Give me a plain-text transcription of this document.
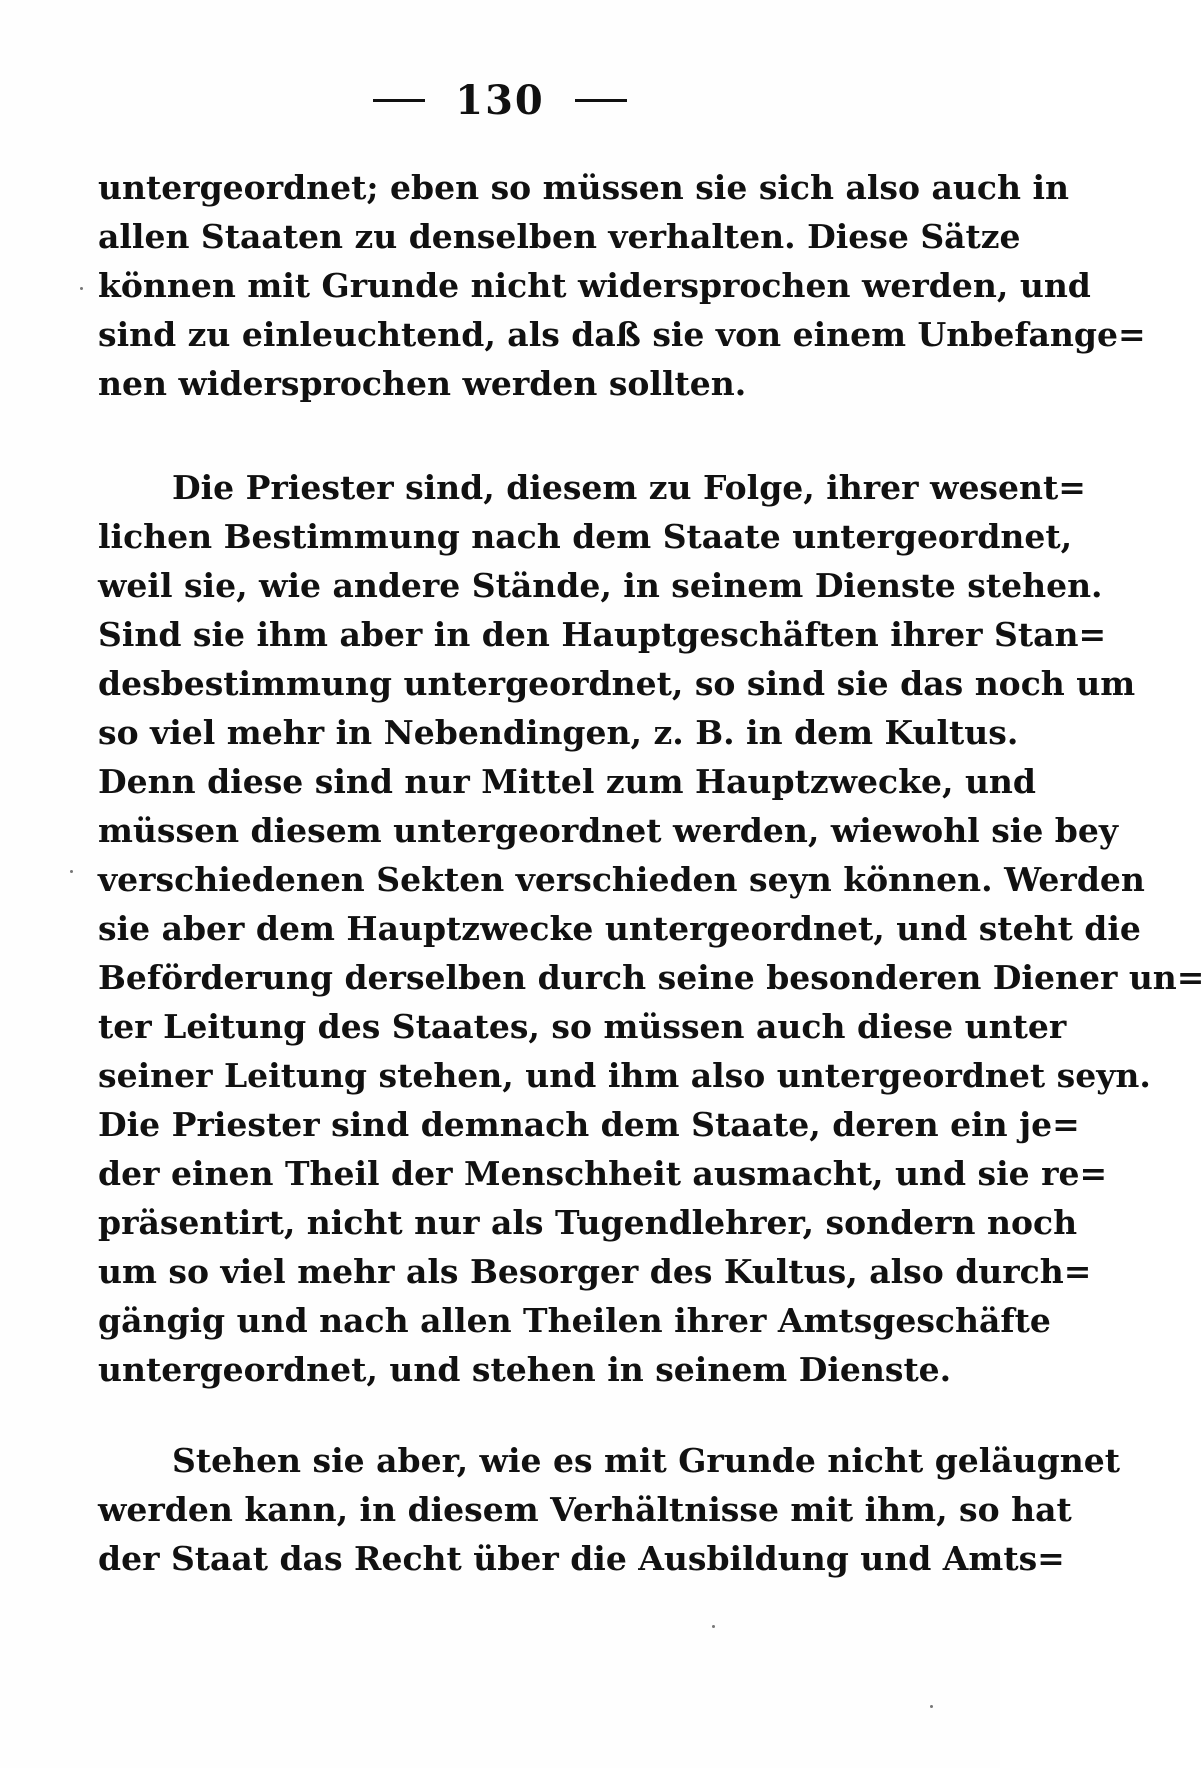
130
untergeordnet; eben so müssen sie sich also auch in
allen Staaten zu denselben verhalten. Diese Sätze
können mit Grunde nicht widersprochen werden, und
sind zu einleuchtend, als daß sie von einem Unbefange=
nen widersprochen werden sollten.
Die Priester sind, diesem zu Folge, ihrer wesent=
lichen Bestimmung nach dem Staate untergeordnet,
weil sie, wie andere Stände, in seinem Dienste stehen.
Sind sie ihm aber in den Hauptgeschäften ihrer Stan=
desbestimmung untergeordnet, so sind sie das noch um
so viel mehr in Nebendingen, z. B. in dem Kultus.
Denn diese sind nur Mittel zum Hauptzwecke, und
müssen diesem untergeordnet werden, wiewohl sie bey
verschiedenen Sekten verschieden seyn können. Werden
sie aber dem Hauptzwecke untergeordnet, und steht die
Beförderung derselben durch seine besonderen Diener un=
ter Leitung des Staates, so müssen auch diese unter
seiner Leitung stehen, und ihm also untergeordnet seyn.
Die Priester sind demnach dem Staate, deren ein je=
der einen Theil der Menschheit ausmacht, und sie re=
präsentirt, nicht nur als Tugendlehrer, sondern noch
um so viel mehr als Besorger des Kultus, also durch=
gängig und nach allen Theilen ihrer Amtsgeschäfte
untergeordnet, und stehen in seinem Dienste.
Stehen sie aber, wie es mit Grunde nicht geläugnet
werden kann, in diesem Verhältnisse mit ihm, so hat
der Staat das Recht über die Ausbildung und Amts=
